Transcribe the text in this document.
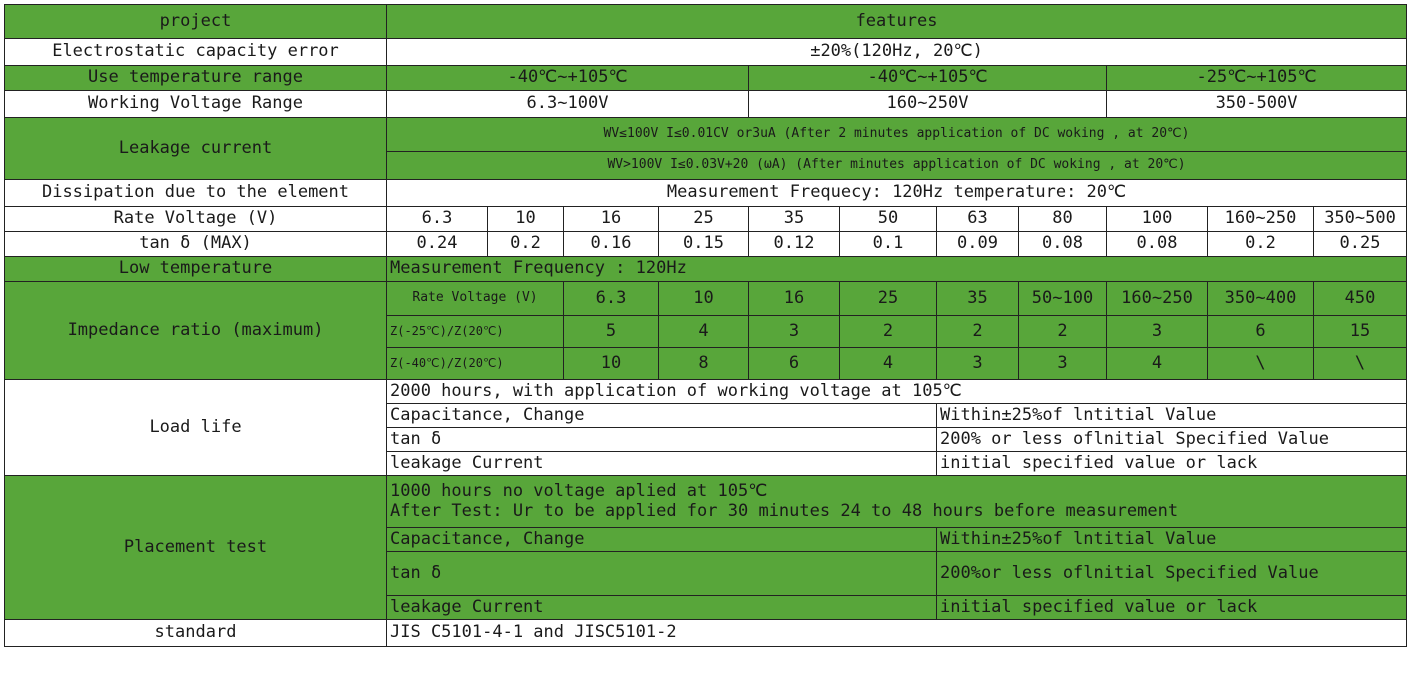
project	features										
Electrostatic capacity error	±20%(120Hz, 20℃)										
Use temperature range	-40℃~+105℃				-40℃~+105℃				-25℃~+105℃		
Working Voltage Range	6.3~100V				160~250V				350-500V		
Leakage current	WV≤100V I≤0.01CV or3uA (After 2 minutes application of DC woking , at 20℃)										
	WV>100V I≤0.03V+20 (ωA) (After minutes application of DC woking , at 20℃)										
Dissipation due to the element	Measurement Frequecy: 120Hz temperature: 20℃										
Rate Voltage (V)	6.3	10	16	25	35	50	63	80	100	160~250	350~500
tan δ (MAX)	0.24	0.2	0.16	0.15	0.12	0.1	0.09	0.08	0.08	0.2	0.25
Low temperature	Measurement Frequency : 120Hz										
Impedance ratio (maximum)	Rate Voltage (V)		6.3	10	16	25	35	50~100	160~250	350~400	450
	Z(-25℃)/Z(20℃)		5	4	3	2	2	2	3	6	15
	Z(-40℃)/Z(20℃)		10	8	6	4	3	3	4	\	\
Load life	2000 hours, with application of working voltage at 105℃										
	Capacitance, Change						Within±25%of lntitial Value				
	tan δ						200% or less oflnitial Specified Value				
	leakage Current						initial specified value or lack				
Placement test	1000 hours no voltage aplied at 105℃
After Test: Ur to be applied for 30 minutes 24 to 48 hours before measurement										

	Capacitance, Change						Within±25%of lntitial Value				
	tan δ						200%or less oflnitial Specified Value				
	leakage Current						initial specified value or lack				
standard	JIS C5101-4-1 and JISC5101-2										
